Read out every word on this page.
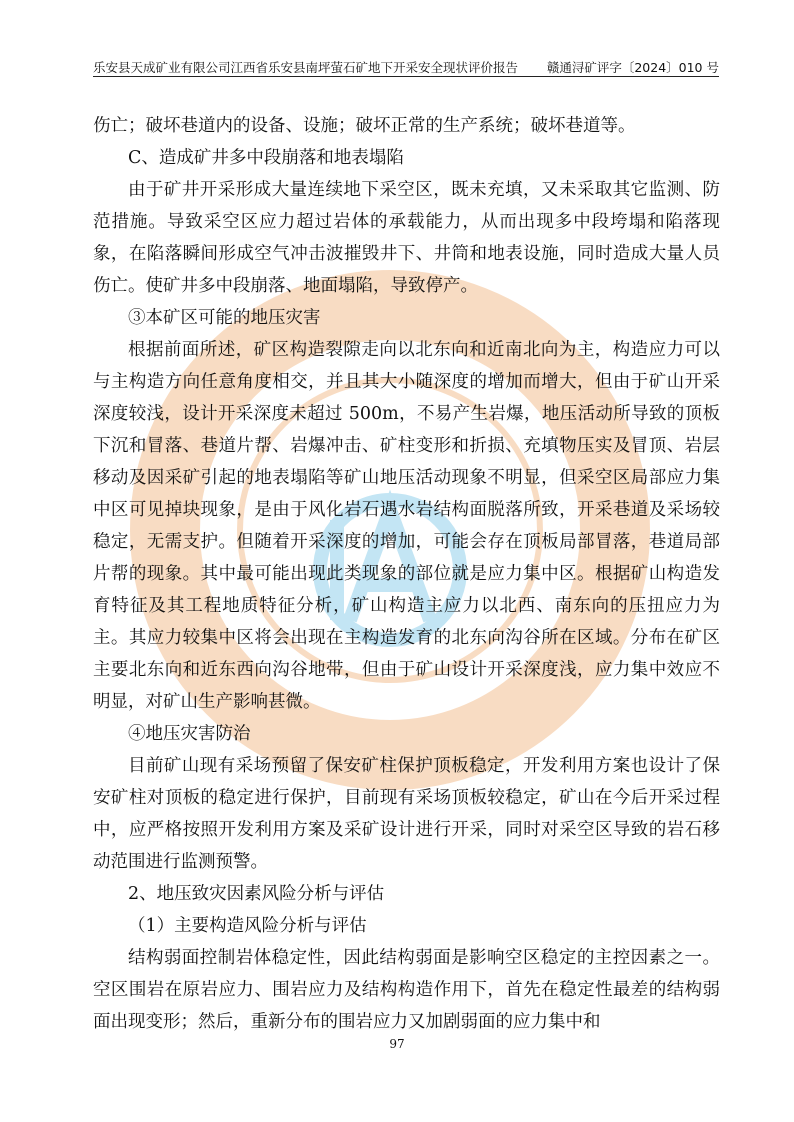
乐安县天成矿业有限公司江西省乐安县南坪萤石矿地下开采安全现状评价报告 赣通浔矿评字〔2024〕010 号

伤亡；破坏巷道内的设备、设施；破坏正常的生产系统；破坏巷道等。

C、造成矿井多中段崩落和地表塌陷

由于矿井开采形成大量连续地下采空区，既未充填，又未采取其它监测、防范措施。导致采空区应力超过岩体的承载能力，从而出现多中段垮塌和陷落现象，在陷落瞬间形成空气冲击波摧毁井下、井筒和地表设施，同时造成大量人员伤亡。使矿井多中段崩落、地面塌陷，导致停产。

③本矿区可能的地压灾害

根据前面所述，矿区构造裂隙走向以北东向和近南北向为主，构造应力可以与主构造方向任意角度相交，并且其大小随深度的增加而增大，但由于矿山开采深度较浅，设计开采深度未超过 500m，不易产生岩爆，地压活动所导致的顶板下沉和冒落、巷道片帮、岩爆冲击、矿柱变形和折损、充填物压实及冒顶、岩层移动及因采矿引起的地表塌陷等矿山地压活动现象不明显，但采空区局部应力集中区可见掉块现象，是由于风化岩石遇水岩结构面脱落所致，开采巷道及采场较稳定，无需支护。但随着开采深度的增加，可能会存在顶板局部冒落，巷道局部片帮的现象。其中最可能出现此类现象的部位就是应力集中区。根据矿山构造发育特征及其工程地质特征分析，矿山构造主应力以北西、南东向的压扭应力为主。其应力较集中区将会出现在主构造发育的北东向沟谷所在区域。分布在矿区主要北东向和近东西向沟谷地带，但由于矿山设计开采深度浅，应力集中效应不明显，对矿山生产影响甚微。

④地压灾害防治

目前矿山现有采场预留了保安矿柱保护顶板稳定，开发利用方案也设计了保安矿柱对顶板的稳定进行保护，目前现有采场顶板较稳定，矿山在今后开采过程中，应严格按照开发利用方案及采矿设计进行开采，同时对采空区导致的岩石移动范围进行监测预警。

2、地压致灾因素风险分析与评估

（1）主要构造风险分析与评估

结构弱面控制岩体稳定性，因此结构弱面是影响空区稳定的主控因素之一。空区围岩在原岩应力、围岩应力及结构构造作用下，首先在稳定性最差的结构弱面出现变形；然后，重新分布的围岩应力又加剧弱面的应力集中和

97
